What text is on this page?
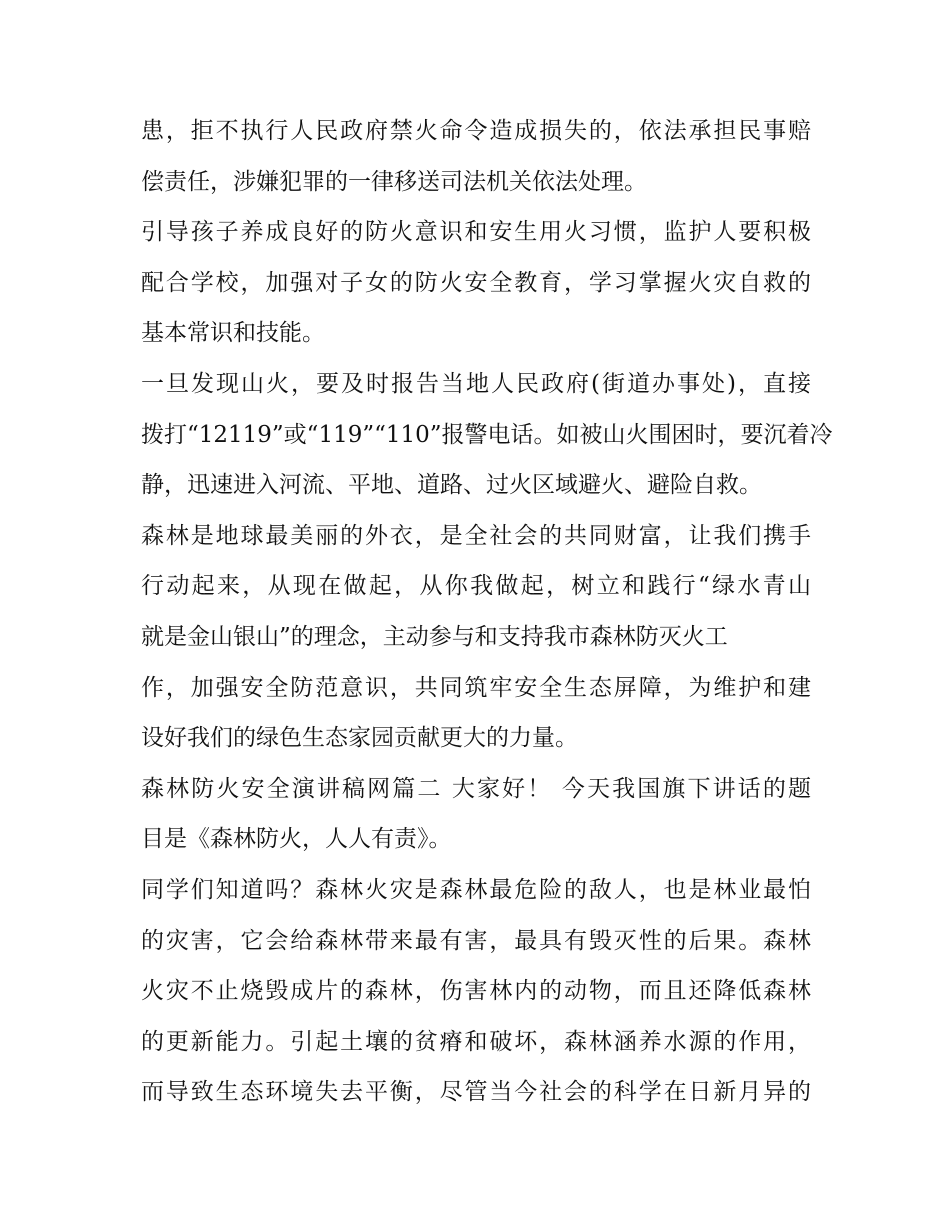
患，拒不执行人民政府禁火命令造成损失的，依法承担民事赔
偿责任，涉嫌犯罪的一律移送司法机关依法处理。
引导孩子养成良好的防火意识和安生用火习惯，监护人要积极
配合学校，加强对子女的防火安全教育，学习掌握火灾自救的
基本常识和技能。
一旦发现山火，要及时报告当地人民政府(街道办事处)，直接
拨打“12119”或“119”“110”报警电话。如被山火围困时，要沉着冷
静，迅速进入河流、平地、道路、过火区域避火、避险自救。
森林是地球最美丽的外衣，是全社会的共同财富，让我们携手
行动起来，从现在做起，从你我做起，树立和践行“绿水青山
就是金山银山”的理念，主动参与和支持我市森林防灭火工
作，加强安全防范意识，共同筑牢安全生态屏障，为维护和建
设好我们的绿色生态家园贡献更大的力量。
森林防火安全演讲稿网篇二 大家好！ 今天我国旗下讲话的题
目是《森林防火，人人有责》。
同学们知道吗？森林火灾是森林最危险的敌人，也是林业最怕
的灾害，它会给森林带来最有害，最具有毁灭性的后果。森林
火灾不止烧毁成片的森林，伤害林内的动物，而且还降低森林
的更新能力。引起土壤的贫瘠和破坏，森林涵养水源的作用，
而导致生态环境失去平衡，尽管当今社会的科学在日新月异的
